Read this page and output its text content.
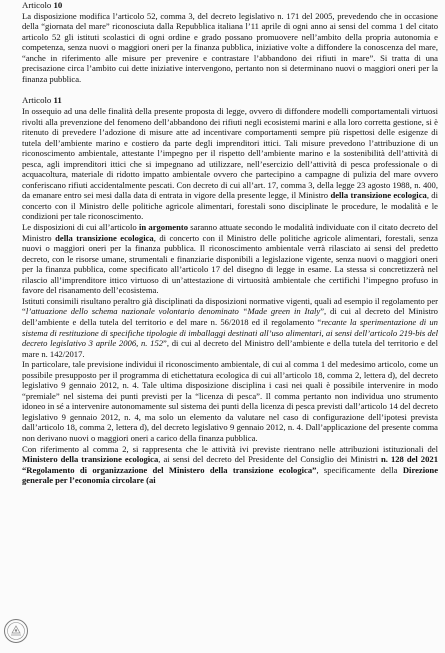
Articolo 10

La disposizione modifica l’articolo 52, comma 3, del decreto legislativo n. 171 del 2005, prevedendo che in occasione della “giornata del mare” riconosciuta dalla Repubblica italiana l’11 aprile di ogni anno ai sensi del comma 1 del citato articolo 52 gli istituti scolastici di ogni ordine e grado possano promuovere nell’ambito della propria autonomia e competenza, senza nuovi o maggiori oneri per la finanza pubblica, iniziative volte a diffondere la conoscenza del mare, “anche in riferimento alle misure per prevenire e contrastare l’abbandono dei rifiuti in mare”. Si tratta di una precisazione circa l’ambito cui dette iniziative intervengono, pertanto non si determinano nuovi o maggiori oneri per la finanza pubblica.

Articolo 11

In ossequio ad una delle finalità della presente proposta di legge, ovvero di diffondere modelli comportamentali virtuosi rivolti alla prevenzione del fenomeno dell’abbandono dei rifiuti negli ecosistemi marini e alla loro corretta gestione, si è ritenuto di prevedere l’adozione di misure atte ad incentivare comportamenti sempre più rispettosi delle esigenze di tutela dell’ambiente marino e costiero da parte degli imprenditori ittici. Tali misure prevedono l’attribuzione di un riconoscimento ambientale, attestante l’impegno per il rispetto dell’ambiente marino e la sostenibilità dell’attività di pesca, agli imprenditori ittici che si impegnano ad utilizzare, nell’esercizio dell’attività di pesca professionale o di acquacoltura, materiale di ridotto impatto ambientale ovvero che partecipino a campagne di pulizia del mare ovvero conferiscano rifiuti accidentalmente pescati. Con decreto di cui all’art. 17, comma 3, della legge 23 agosto 1988, n. 400, da emanare entro sei mesi dalla data di entrata in vigore della presente legge, il Ministro della transizione ecologica, di concerto con il Ministro delle politiche agricole alimentari, forestali sono disciplinate le procedure, le modalità e le condizioni per tale riconoscimento.

Le disposizioni di cui all’articolo in argomento saranno attuate secondo le modalità individuate con il citato decreto del Ministro della transizione ecologica, di concerto con il Ministro delle politiche agricole alimentari, forestali, senza nuovi o maggiori oneri per la finanza pubblica. Il riconoscimento ambientale verrà rilasciato ai sensi del predetto decreto, con le risorse umane, strumentali e finanziarie disponibili a legislazione vigente, senza nuovi o maggiori oneri per la finanza pubblica, come specificato all’articolo 17 del disegno di legge in esame. La stessa si concretizzerà nel rilascio all’imprenditore ittico virtuoso di un’attestazione di virtuosità ambientale che certifichi l’impegno profuso in favore del risanamento dell’ecosistema.

Istituti consimili risultano peraltro già disciplinati da disposizioni normative vigenti, quali ad esempio il regolamento per “l’attuazione dello schema nazionale volontario denominato “Made green in Italy”, di cui al decreto del Ministro dell’ambiente e della tutela del territorio e del mare n. 56/2018 ed il regolamento “recante la sperimentazione di un sistema di restituzione di specifiche tipologie di imballaggi destinati all’uso alimentari, ai sensi dell’articolo 219-bis del decreto legislativo 3 aprile 2006, n. 152”, di cui al decreto del Ministro dell’ambiente e della tutela del territorio e del mare n. 142/2017.

In particolare, tale previsione individui il riconoscimento ambientale, di cui al comma 1 del medesimo articolo, come un possibile presupposto per il programma di etichettatura ecologica di cui all’articolo 18, comma 2, lettera d), del decreto legislativo 9 gennaio 2012, n. 4. Tale ultima disposizione disciplina i casi nei quali è possibile intervenire in modo “premiale” nel sistema dei punti previsti per la “licenza di pesca”. Il comma pertanto non individua uno strumento idoneo in sé a intervenire autonomamente sul sistema dei punti della licenza di pesca previsti dall’articolo 14 del decreto legislativo 9 gennaio 2012, n. 4, ma solo un elemento da valutare nel caso di configurazione dell’ipotesi prevista dall’articolo 18, comma 2, lettera d), del decreto legislativo 9 gennaio 2012, n. 4. Dall’applicazione del presente comma non derivano nuovi o maggiori oneri a carico della finanza pubblica.

Con riferimento al comma 2, si rappresenta che le attività ivi previste rientrano nelle attribuzioni istituzionali del Ministero della transizione ecologica, ai sensi del decreto del Presidente del Consiglio dei Ministri n. 128 del 2021 “Regolamento di organizzazione del Ministero della transizione ecologica”, specificamente della Direzione generale per l’economia circolare (ai
